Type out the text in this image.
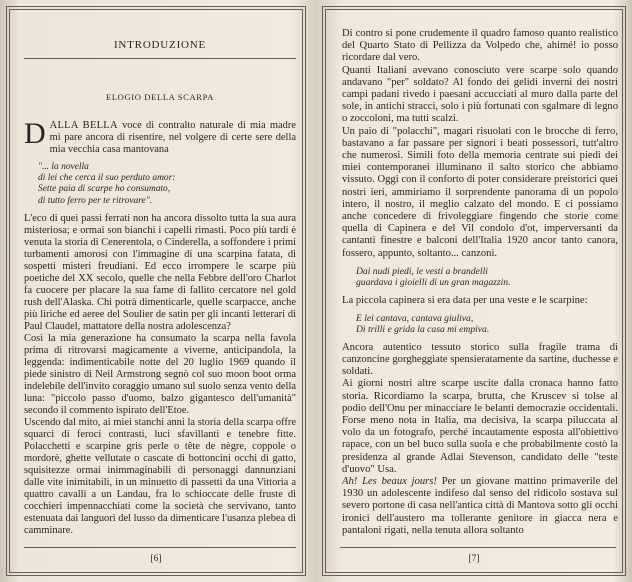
INTRODUZIONE
ELOGIO DELLA SCARPA

DALLA BELLA voce di contralto naturale di mia madre mi pare ancora di risentire, nel volgere di certe sere della mia vecchia casa mantovana

"... la novella
di lei che cerca il suo perduto amor:
Sette paia di scarpe ho consumato,
di tutto ferro per te ritrovare".

L'eco di quei passi ferrati non ha ancora dissolto tutta la sua aura misteriosa; e ormai son bianchi i capelli rimasti. Poco più tardi è venuta la storia di Cenerentola, o Cinderella, a soffondere i primi turbamenti amorosi con l'immagine di una scarpina fatata, di sospetti misteri freudiani. Ed ecco irrompere le scarpe più poetiche del XX secolo, quelle che nella Febbre dell'oro Charlot fa cuocere per placare la sua fame di fallito cercatore nel gold rush dell'Alaska. Chi potrà dimenticarle, quelle scarpacce, anche più liriche ed aeree del Soulier de satin per gli incanti letterari di Paul Claudel, mattatore della nostra adolescenza?

Così la mia generazione ha consumato la scarpa nella favola prima di ritrovarsi magicamente a viverne, anticipandola, la leggenda: indimenticabile notte del 20 luglio 1969 quando il piede sinistro di Neil Armstrong segnò col suo moon boot orma indelebile dell'invito coraggio umano sul suolo senza vento della luna: "piccolo passo d'uomo, balzo gigantesco dell'umanità" secondo il commento ispirato dell'Etoe.

Uscendo dal mito, ai miei stanchi anni la storia della scarpa offre squarci di feroci contrasti, luci sfavillanti e tenebre fitte. Polacchetti e scarpine gris perle o tête de nègre, coppole o mordorè, ghette vellutate o cascate di bottoncini occhi di gatto, squisitezze ormai inimmaginabili di personaggi dannunziani dalle vite inimitabili, in un minuetto di passetti da una Vittoria a quattro cavalli a un Landau, fra lo schioccate delle fruste di cocchieri impennacchiati come la società che servivano, tanto estenuata dai languori del lusso da dimenticare l'usanza plebea di camminare.

[6]

Di contro si pone crudemente il quadro famoso quanto realistico del Quarto Stato di Pellizza da Volpedo che, ahimé! io posso ricordare dal vero.

Quanti Italiani avevano conosciuto vere scarpe solo quando andavano "per" soldato? Al fondo dei gelidi inverni dei nostri campi padani rivedo i paesani accucciati al muro dalla parte del sole, in antichi stracci, solo i più fortunati con sgalmare di legno o zoccoloni, ma tutti scalzi.

Un paio di "polacchi", magari risuolati con le brocche di ferro, bastavano a far passare per signori i beati possessori, tutt'altro che numerosi. Simili foto della memoria centrate sui piedi dei miei contemporanei illuminano il salto storico che abbiamo vissuto. Oggi con il conforto di poter considerare preistorici quei nostri ieri, ammiriamo il sorprendente panorama di un popolo intero, il nostro, il meglio calzato del mondo. E ci possiamo anche concedere di frivoleggiare fingendo che storie come quella di Capinera e del Vil condolo d'ot, imperversanti da cantanti finestre e balconi dell'Italia 1920 ancor tanto canora, fossero, appunto, soltanto... canzoni.

Dai nudi piedi, le vesti a brandelli
guardava i gioielli di un gran magazzin.

La piccola capinera si era data per una veste e le scarpine:

E lei cantava, cantava giuliva,
Di trilli e grida la casa mi empiva.

Ancora autentico tessuto storico sulla fragile trama di canzoncine gorgheggiate spensieratamente da sartine, duchesse e soldati.

Ai giorni nostri altre scarpe uscite dalla cronaca hanno fatto storia. Ricordiamo la scarpa, brutta, che Kruscev si tolse al podio dell'Onu per minacciare le belanti democrazie occidentali. Forse meno nota in Italia, ma decisiva, la scarpa piluccata al volo da un fotografo, perché incautamente esposta all'obiettivo rapace, con un bel buco sulla suola e che probabilmente costò la presidenza al grande Adlai Stevenson, candidato delle "teste d'uovo" Usa.

Ah! Les beaux jours! Per un giovane mattino primaverile del 1930 un adolescente indifeso dal senso del ridicolo sostava sul severo portone di casa nell'antica città di Mantova sotto gli occhi ironici dell'austero ma tollerante genitore in giacca nera e pantaloni rigati, nella tenuta allora soltanto

[7]
